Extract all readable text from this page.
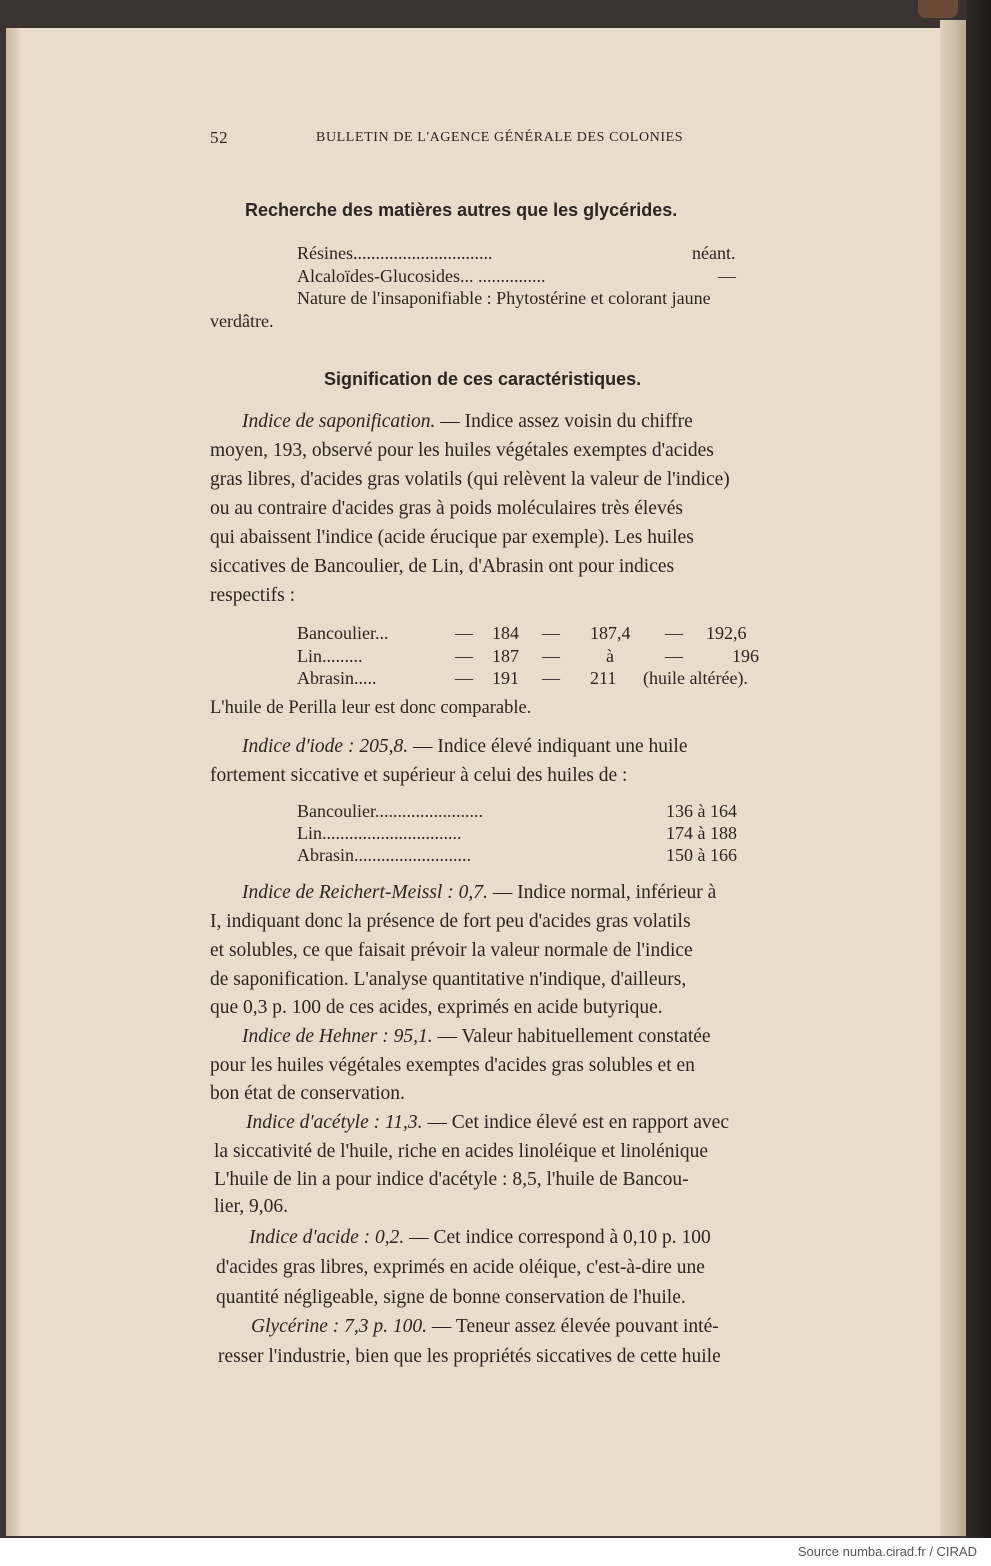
52	BULLETIN DE L'AGENCE GÉNÉRALE DES COLONIES
Recherche des matières autres que les glycérides.
Résines...............................	néant.
Alcaloïdes-Glucosides... ...............	—
Nature de l'insaponifiable : Phytostérine et colorant jaune
verdâtre.
Signification de ces caractéristiques.
Indice de saponification. — Indice assez voisin du chiffre
moyen, 193, observé pour les huiles végétales exemptes d'acides
gras libres, d'acides gras volatils (qui relèvent la valeur de l'indice)
ou au contraire d'acides gras à poids moléculaires très élevés
qui abaissent l'indice (acide érucique par exemple). Les huiles
siccatives de Bancoulier, de Lin, d'Abrasin ont pour indices
respectifs :
Bancoulier...	— 184 — 187,4 — 192,6
Lin.........	— 187 —	à	—	196
Abrasin.....	— 191 — 211 (huile altérée).
L'huile de Perilla leur est donc comparable.
Indice d'iode : 205,8. — Indice élevé indiquant une huile
fortement siccative et supérieur à celui des huiles de :
Bancoulier........................	136 à 164
Lin...............................	174 à 188
Abrasin..........................	150 à 166
Indice de Reichert-Meissl : 0,7. — Indice normal, inférieur à
I, indiquant donc la présence de fort peu d'acides gras volatils
et solubles, ce que faisait prévoir la valeur normale de l'indice
de saponification. L'analyse quantitative n'indique, d'ailleurs,
que 0,3 p. 100 de ces acides, exprimés en acide butyrique.
Indice de Hehner : 95,1. — Valeur habituellement constatée
pour les huiles végétales exemptes d'acides gras solubles et en
bon état de conservation.
Indice d'acétyle : 11,3. — Cet indice élevé est en rapport avec
la siccativité de l'huile, riche en acides linoléique et linolénique
L'huile de lin a pour indice d'acétyle : 8,5, l'huile de Bancou-
lier, 9,06.
Indice d'acide : 0,2. — Cet indice correspond à 0,10 p. 100
d'acides gras libres, exprimés en acide oléique, c'est-à-dire une
quantité négligeable, signe de bonne conservation de l'huile.
Glycérine : 7,3 p. 100. — Teneur assez élevée pouvant inté-
resser l'industrie, bien que les propriétés siccatives de cette huile
Source numba.cirad.fr / CIRAD
